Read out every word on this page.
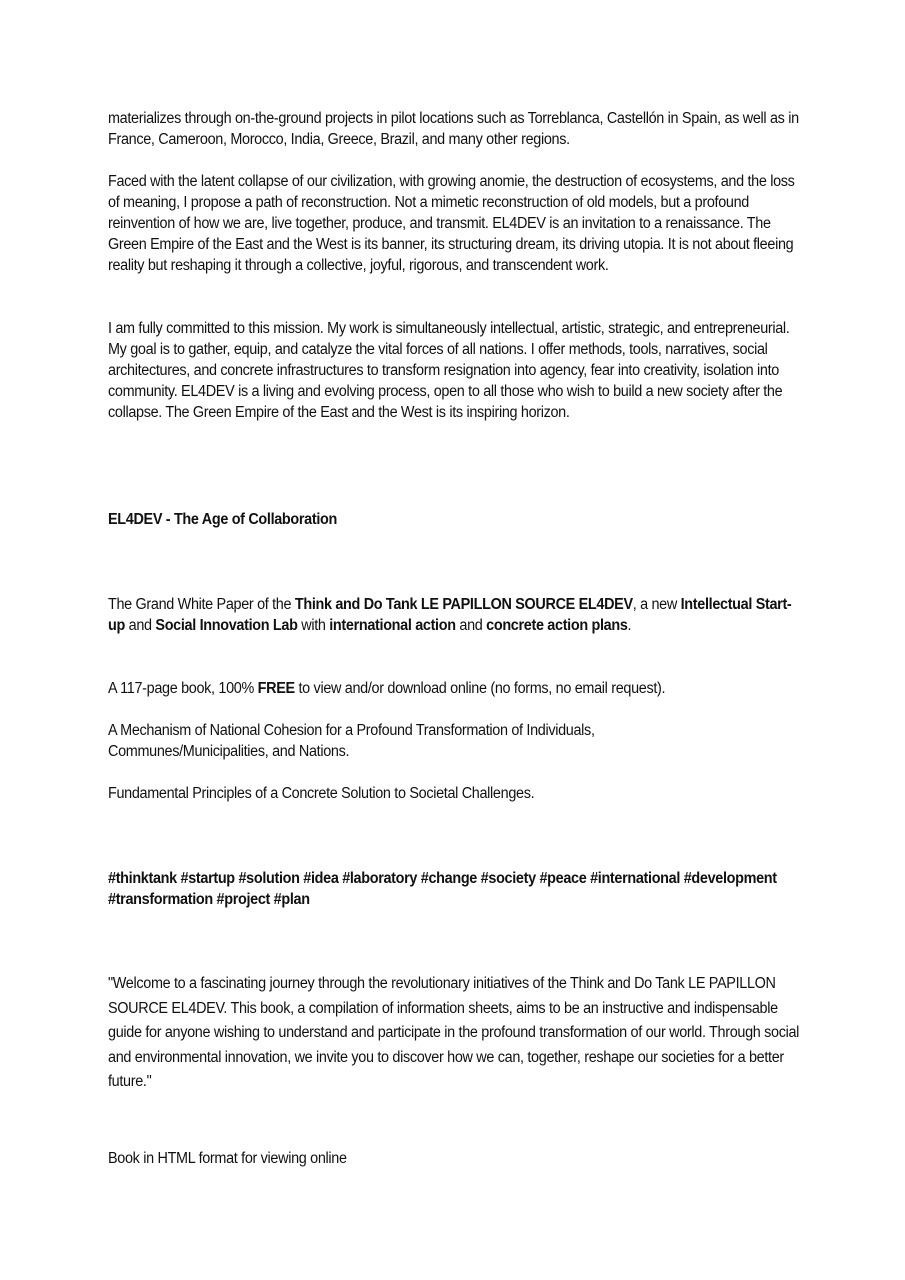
materializes through on-the-ground projects in pilot locations such as Torreblanca, Castellón in Spain, as well as in France, Cameroon, Morocco, India, Greece, Brazil, and many other regions.

Faced with the latent collapse of our civilization, with growing anomie, the destruction of ecosystems, and the loss of meaning, I propose a path of reconstruction. Not a mimetic reconstruction of old models, but a profound reinvention of how we are, live together, produce, and transmit. EL4DEV is an invitation to a renaissance. The Green Empire of the East and the West is its banner, its structuring dream, its driving utopia. It is not about fleeing reality but reshaping it through a collective, joyful, rigorous, and transcendent work.

I am fully committed to this mission. My work is simultaneously intellectual, artistic, strategic, and entrepreneurial. My goal is to gather, equip, and catalyze the vital forces of all nations. I offer methods, tools, narratives, social architectures, and concrete infrastructures to transform resignation into agency, fear into creativity, isolation into community. EL4DEV is a living and evolving process, open to all those who wish to build a new society after the collapse. The Green Empire of the East and the West is its inspiring horizon.

EL4DEV - The Age of Collaboration

The Grand White Paper of the Think and Do Tank LE PAPILLON SOURCE EL4DEV, a new Intellectual Start-up and Social Innovation Lab with international action and concrete action plans.

A 117-page book, 100% FREE to view and/or download online (no forms, no email request).

A Mechanism of National Cohesion for a Profound Transformation of Individuals, Communes/Municipalities, and Nations.

Fundamental Principles of a Concrete Solution to Societal Challenges.

#thinktank #startup #solution #idea #laboratory #change #society #peace #international #development #transformation #project #plan

"Welcome to a fascinating journey through the revolutionary initiatives of the Think and Do Tank LE PAPILLON SOURCE EL4DEV. This book, a compilation of information sheets, aims to be an instructive and indispensable guide for anyone wishing to understand and participate in the profound transformation of our world. Through social and environmental innovation, we invite you to discover how we can, together, reshape our societies for a better future."

Book in HTML format for viewing online
